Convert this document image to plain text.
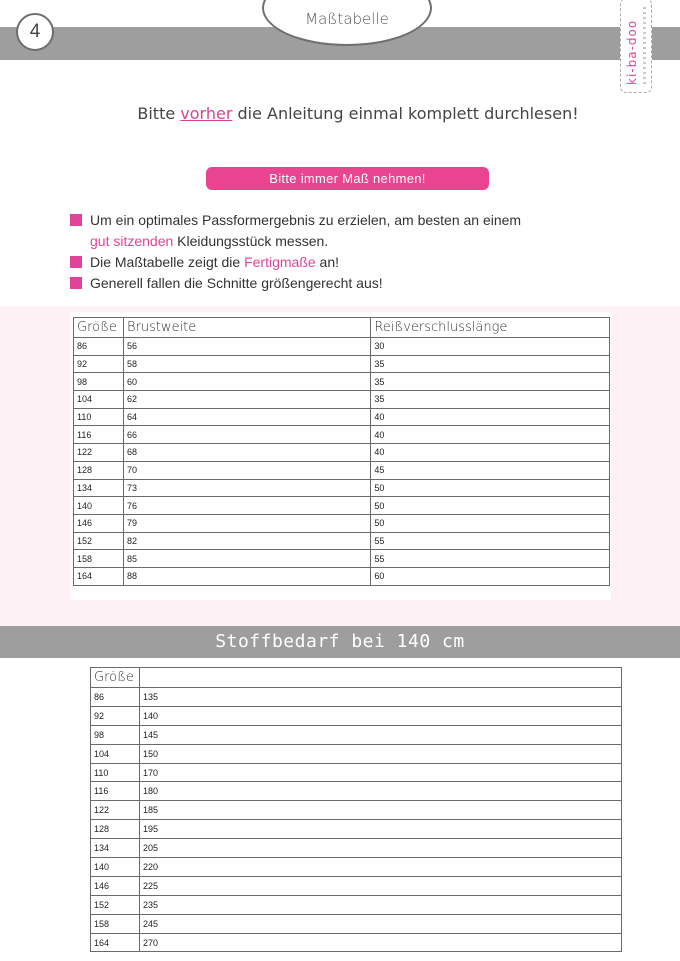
Maßtabelle
4	ki-ba-doo
Bitte vorher die Anleitung einmal komplett durchlesen!
Bitte immer Maß nehmen!
Um ein optimales Passformergebnis zu erzielen, am besten an einem
gut sitzenden Kleidungsstück messen.
Die Maßtabelle zeigt die Fertigmaße an!
Generell fallen die Schnitte größengerecht aus!
Größe	Brustweite	Reißverschlusslänge
86	56	30
92	58	35
98	60	35
104	62	35
110	64	40
116	66	40
122	68	40
128	70	45
134	73	50
140	76	50
146	79	50
152	82	55
158	85	55
164	88	60
Stoffbedarf bei 140 cm
Größe	
86	135
92	140
98	145
104	150
110	170
116	180
122	185
128	195
134	205
140	220
146	225
152	235
158	245
164	270
